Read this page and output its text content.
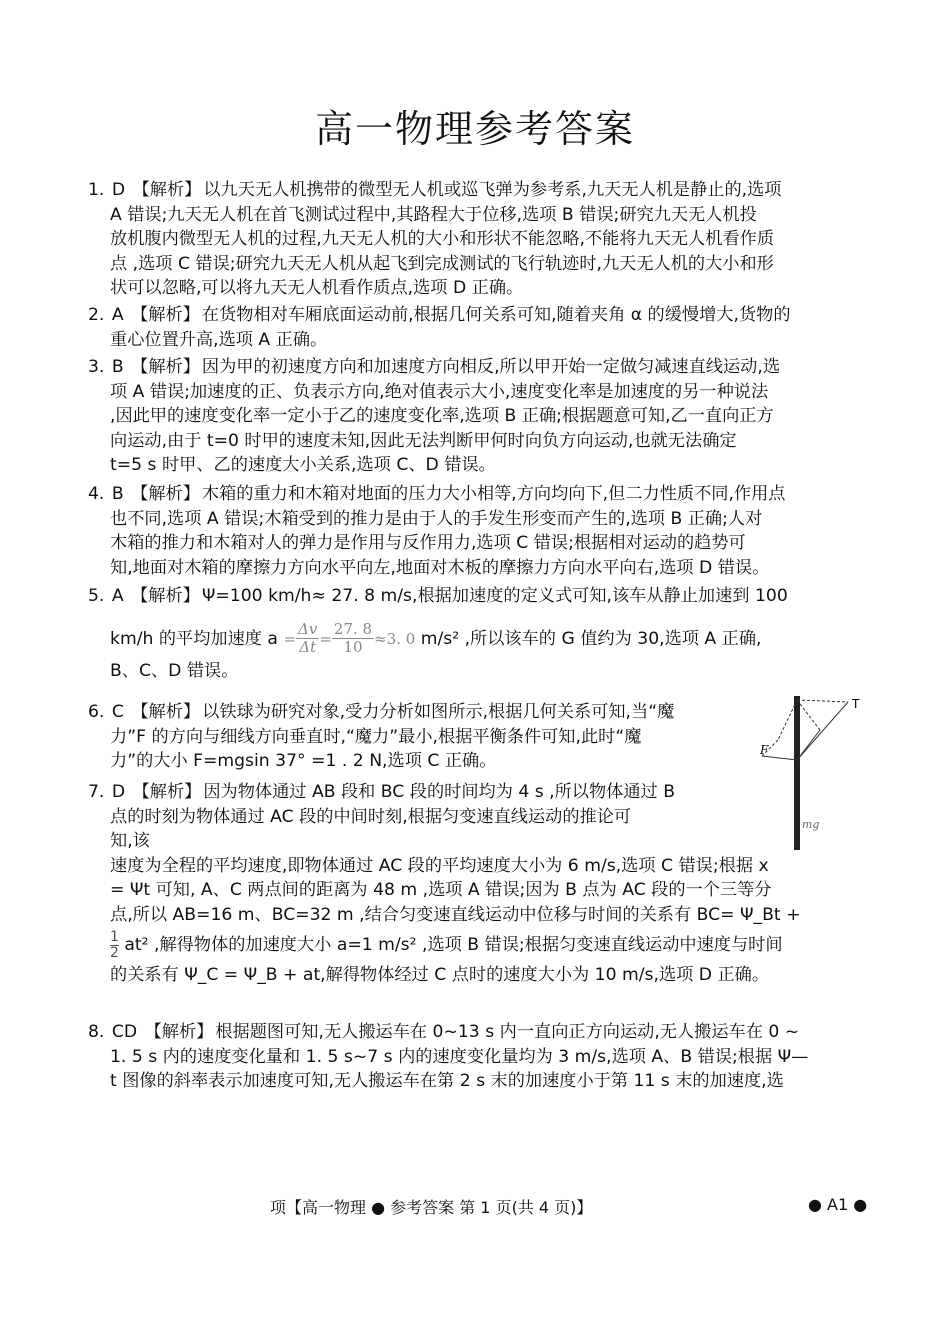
高一物理参考答案

1. D 【解析】 以九天无人机携带的微型无人机或巡飞弹为参考系,九天无人机是静止的,选项

A 错误;九天无人机在首飞测试过程中,其路程大于位移,选项 B 错误;研究九天无人机投

放机腹内微型无人机的过程,九天无人机的大小和形状不能忽略,不能将九天无人机看作质

点 ,选项 C 错误;研究九天无人机从起飞到完成测试的飞行轨迹时,九天无人机的大小和形

状可以忽略,可以将九天无人机看作质点,选项 D 正确。

2. A 【解析】 在货物相对车厢底面运动前,根据几何关系可知,随着夹角 α 的缓慢增大,货物的

重心位置升高,选项 A 正确。

3. B 【解析】 因为甲的初速度方向和加速度方向相反,所以甲开始一定做匀减速直线运动,选

项 A 错误;加速度的正、负表示方向,绝对值表示大小,速度变化率是加速度的另一种说法

,因此甲的速度变化率一定小于乙的速度变化率,选项 B 正确;根据题意可知,乙一直向正方

向运动,由于 t=0 时甲的速度未知,因此无法判断甲何时向负方向运动,也就无法确定

t=5 s 时甲、乙的速度大小关系,选项 C、D 错误。

4. B 【解析】 木箱的重力和木箱对地面的压力大小相等,方向均向下,但二力性质不同,作用点

也不同,选项 A 错误;木箱受到的推力是由于人的手发生形变而产生的,选项 B 正确;人对

木箱的推力和木箱对人的弹力是作用与反作用力,选项 C 错误;根据相对运动的趋势可

知,地面对木箱的摩擦力方向水平向左,地面对木板的摩擦力方向水平向右,选项 D 错误。

5. A 【解析】 Ψ=100 km/h≈ 27. 8 m/s,根据加速度的定义式可知,该车从静止加速到 100

km/h 的平均加速度 $a = \frac{\Delta v}{\Delta t} = \frac{27. 8}{10} \approx 3$. 0 m/s² ,所以该车的 G 值约为 30,选项 A 正确,

B、C、D 错误。

6. C 【解析】 以铁球为研究对象,受力分析如图所示,根据几何关系可知,当“魔

力”F 的方向与细线方向垂直时,“魔力”最小,根据平衡条件可知,此时“魔

力”的大小 F=mgsin 37° =1 . 2 N,选项 C 正确。

T
F
mg

7. D 【解析】 因为物体通过 AB 段和 BC 段的时间均为 4 s ,所以物体通过 B

点的时刻为物体通过 AC 段的中间时刻,根据匀变速直线运动的推论可

知,该

速度为全程的平均速度,即物体通过 AC 段的平均速度大小为 6 m/s,选项 C 错误;根据 x

= Ψt 可知, A、C 两点间的距离为 48 m ,选项 A 错误;因为 B 点为 AC 段的一个三等分

点,所以 AB=16 m、BC=32 m ,结合匀变速直线运动中位移与时间的关系有 BC= Ψ_Bt +

$\frac{1}{2} at^2$ ,解得物体的加速度大小 a=1 m/s² ,选项 B 错误;根据匀变速直线运动中速度与时间

的关系有 Ψ_C = Ψ_B + at,解得物体经过 C 点时的速度大小为 10 m/s,选项 D 正确。

8. CD 【解析】 根据题图可知,无人搬运车在 0~13 s 内一直向正方向运动,无人搬运车在 0 ~

1. 5 s 内的速度变化量和 1. 5 s~7 s 内的速度变化量均为 3 m/s,选项 A、B 错误;根据 Ψ—

t 图像的斜率表示加速度可知,无人搬运车在第 2 s 末的加速度小于第 11 s 末的加速度,选

项【高一物理 ● 参考答案 第 1 页(共 4 页)】	● A1 ●
